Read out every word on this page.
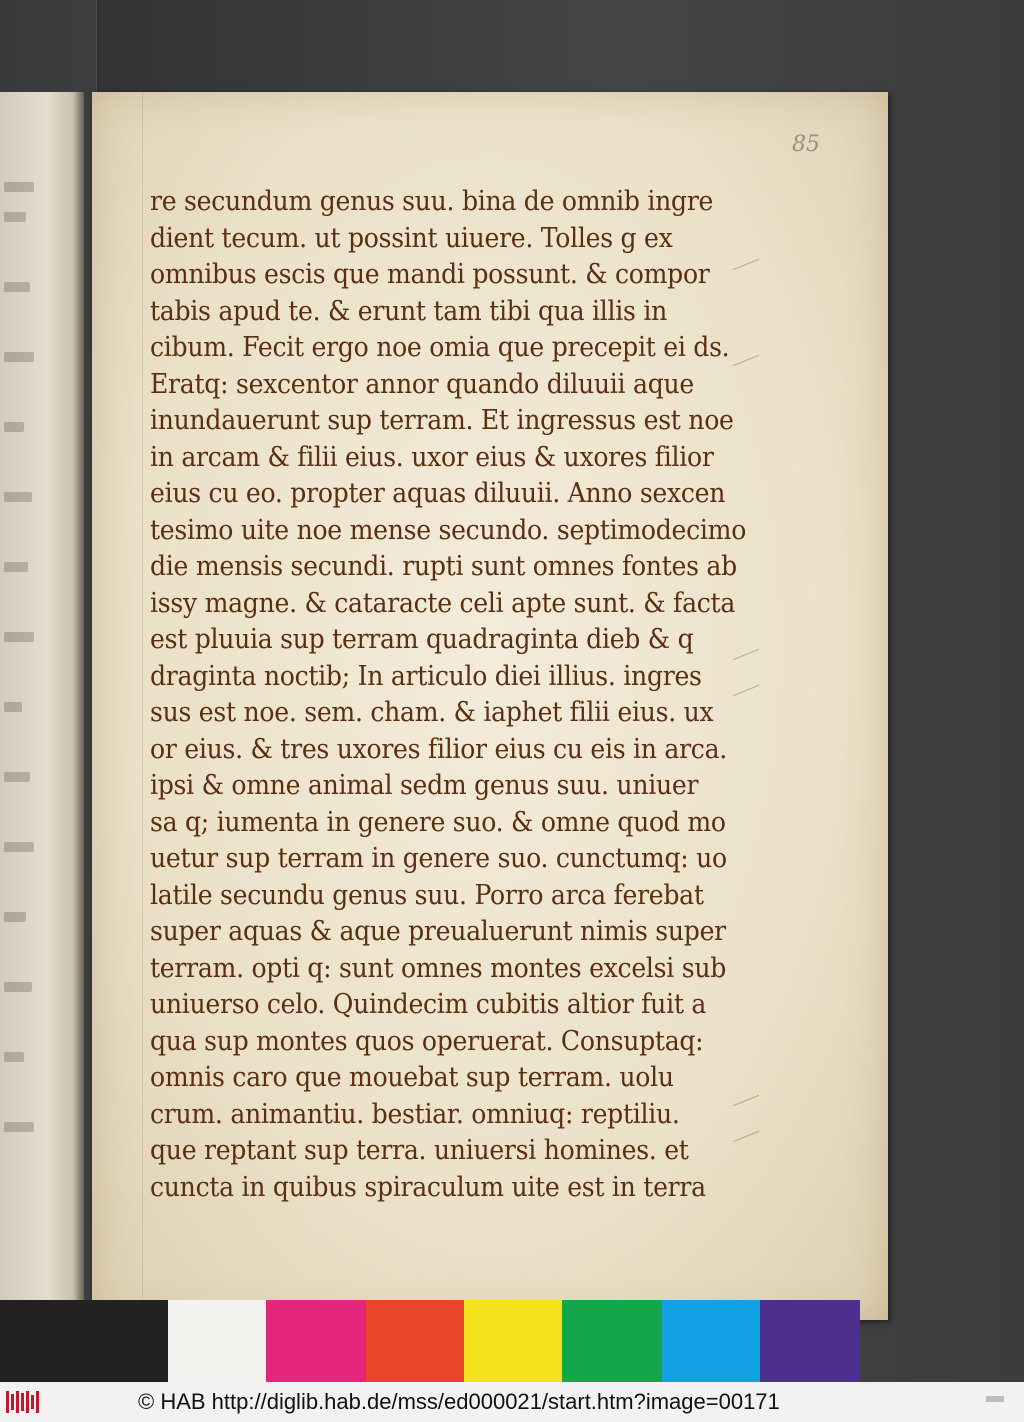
85
re secundum genus suu. bina de omnib ingre
dient tecum. ut possint uiuere. Tolles g ex
omnibus escis que mandi possunt. & compor
tabis apud te. & erunt tam tibi qua illis in
cibum. Fecit ergo noe omia que precepit ei ds.
Eratq: sexcentor annor quando diluuii aque
inundauerunt sup terram. Et ingressus est noe
in arcam & filii eius. uxor eius & uxores filior
eius cu eo. propter aquas diluuii. Anno sexcen
tesimo uite noe mense secundo. septimodecimo
die mensis secundi. rupti sunt omnes fontes ab
issy magne. & cataracte celi apte sunt. & facta
est pluuia sup terram quadraginta dieb & q
draginta noctib; In articulo diei illius. ingres
sus est noe. sem. cham. & iaphet filii eius. ux
or eius. & tres uxores filior eius cu eis in arca.
ipsi & omne animal sedm genus suu. uniuer
sa q; iumenta in genere suo. & omne quod mo
uetur sup terram in genere suo. cunctumq: uo
latile secundu genus suu. Porro arca ferebat
super aquas & aque preualuerunt nimis super
terram. opti q: sunt omnes montes excelsi sub
uniuerso celo. Quindecim cubitis altior fuit a
qua sup montes quos operuerat. Consuptaq:
omnis caro que mouebat sup terram. uolu
crum. animantiu. bestiar. omniuq: reptiliu.
que reptant sup terra. uniuersi homines. et
cuncta in quibus spiraculum uite est in terra
© HAB http://diglib.hab.de/mss/ed000021/start.htm?image=00171
